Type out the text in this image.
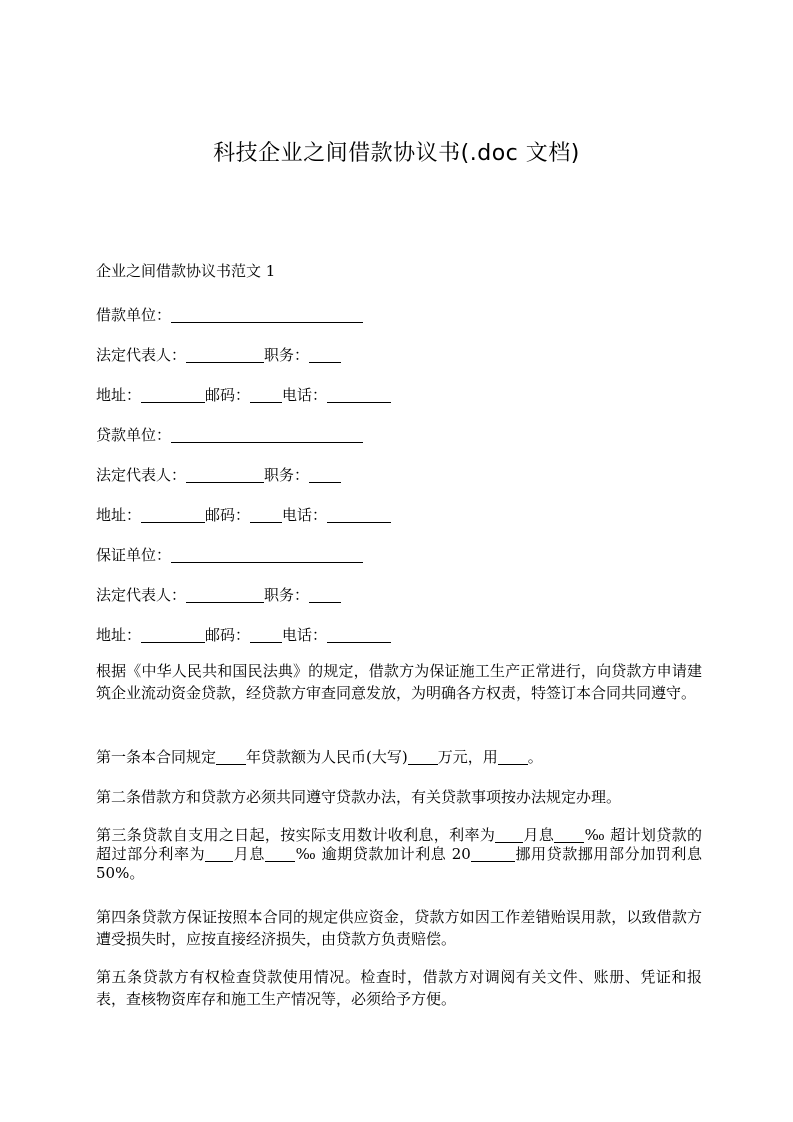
科技企业之间借款协议书(.doc 文档)
企业之间借款协议书范文 1
借款单位：
法定代表人：	职务：
地址：	邮码： 电话：
贷款单位：
法定代表人：	职务：
地址：	邮码： 电话：
保证单位：
法定代表人：	职务：
地址：	邮码： 电话：
根据《中华人民共和国民法典》的规定，借款方为保证施工生产正常进行，向贷款方申请建筑企业流动资金贷款，经贷款方审查同意发放，为明确各方权责，特签订本合同共同遵守。
第一条本合同规定 年贷款额为人民币(大写) 万元，用 。
第二条借款方和贷款方必须共同遵守贷款办法，有关贷款事项按办法规定办理。
第三条贷款自支用之日起，按实际支用数计收利息，利率为 月息 ‰ 超计划贷款的超过部分利率为 月息 ‰ 逾期贷款加计利息 20	挪用贷款挪用部分加罚利息 50%。
第四条贷款方保证按照本合同的规定供应资金，贷款方如因工作差错贻误用款，以致借款方遭受损失时，应按直接经济损失，由贷款方负责赔偿。
第五条贷款方有权检查贷款使用情况。检查时，借款方对调阅有关文件、账册、凭证和报表，查核物资库存和施工生产情况等，必须给予方便。
